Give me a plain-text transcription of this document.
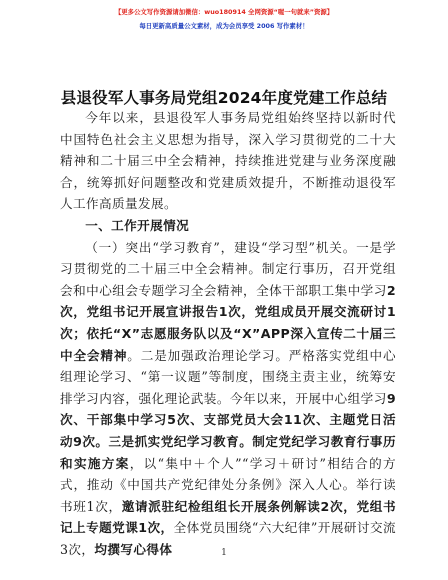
【更多公文写作资源请加微信：wuo180914 全网资源“喔一句就来”资源】
每日更新高质量公文素材，成为会员享受 2006 写作素材！
县退役军人事务局党组2024年度党建工作总结

今年以来，县退役军人事务局党组始终坚持以新时代中国特色社会主义思想为指导，深入学习贯彻党的二十大精神和二十届三中全会精神，持续推进党建与业务深度融合，统筹抓好问题整改和党建质效提升，不断推动退役军人工作高质量发展。

一、工作开展情况

（一）突出“学习教育”，建设“学习型”机关。一是学习贯彻党的二十届三中全会精神。制定行事历，召开党组会和中心组会专题学习全会精神，全体干部职工集中学习2次，党组书记开展宣讲报告1次，党组成员开展交流研讨1次；依托“X”志愿服务队以及“X”APP深入宣传二十届三中全会精神。二是加强政治理论学习。严格落实党组中心组理论学习、“第一议题”等制度，围绕主责主业，统筹安排学习内容，强化理论武装。今年以来，开展中心组学习9次、干部集中学习5次、支部党员大会11次、主题党日活动9次。三是抓实党纪学习教育。制定党纪学习教育行事历和实施方案，以“集中＋个人”“学习＋研讨”相结合的方式，推动《中国共产党纪律处分条例》深入人心。举行读书班1次，邀请派驻纪检组组长开展条例解读2次，党组书记上专题党课1次，全体党员围绕“六大纪律”开展研讨交流3次，均撰写心得体	1
